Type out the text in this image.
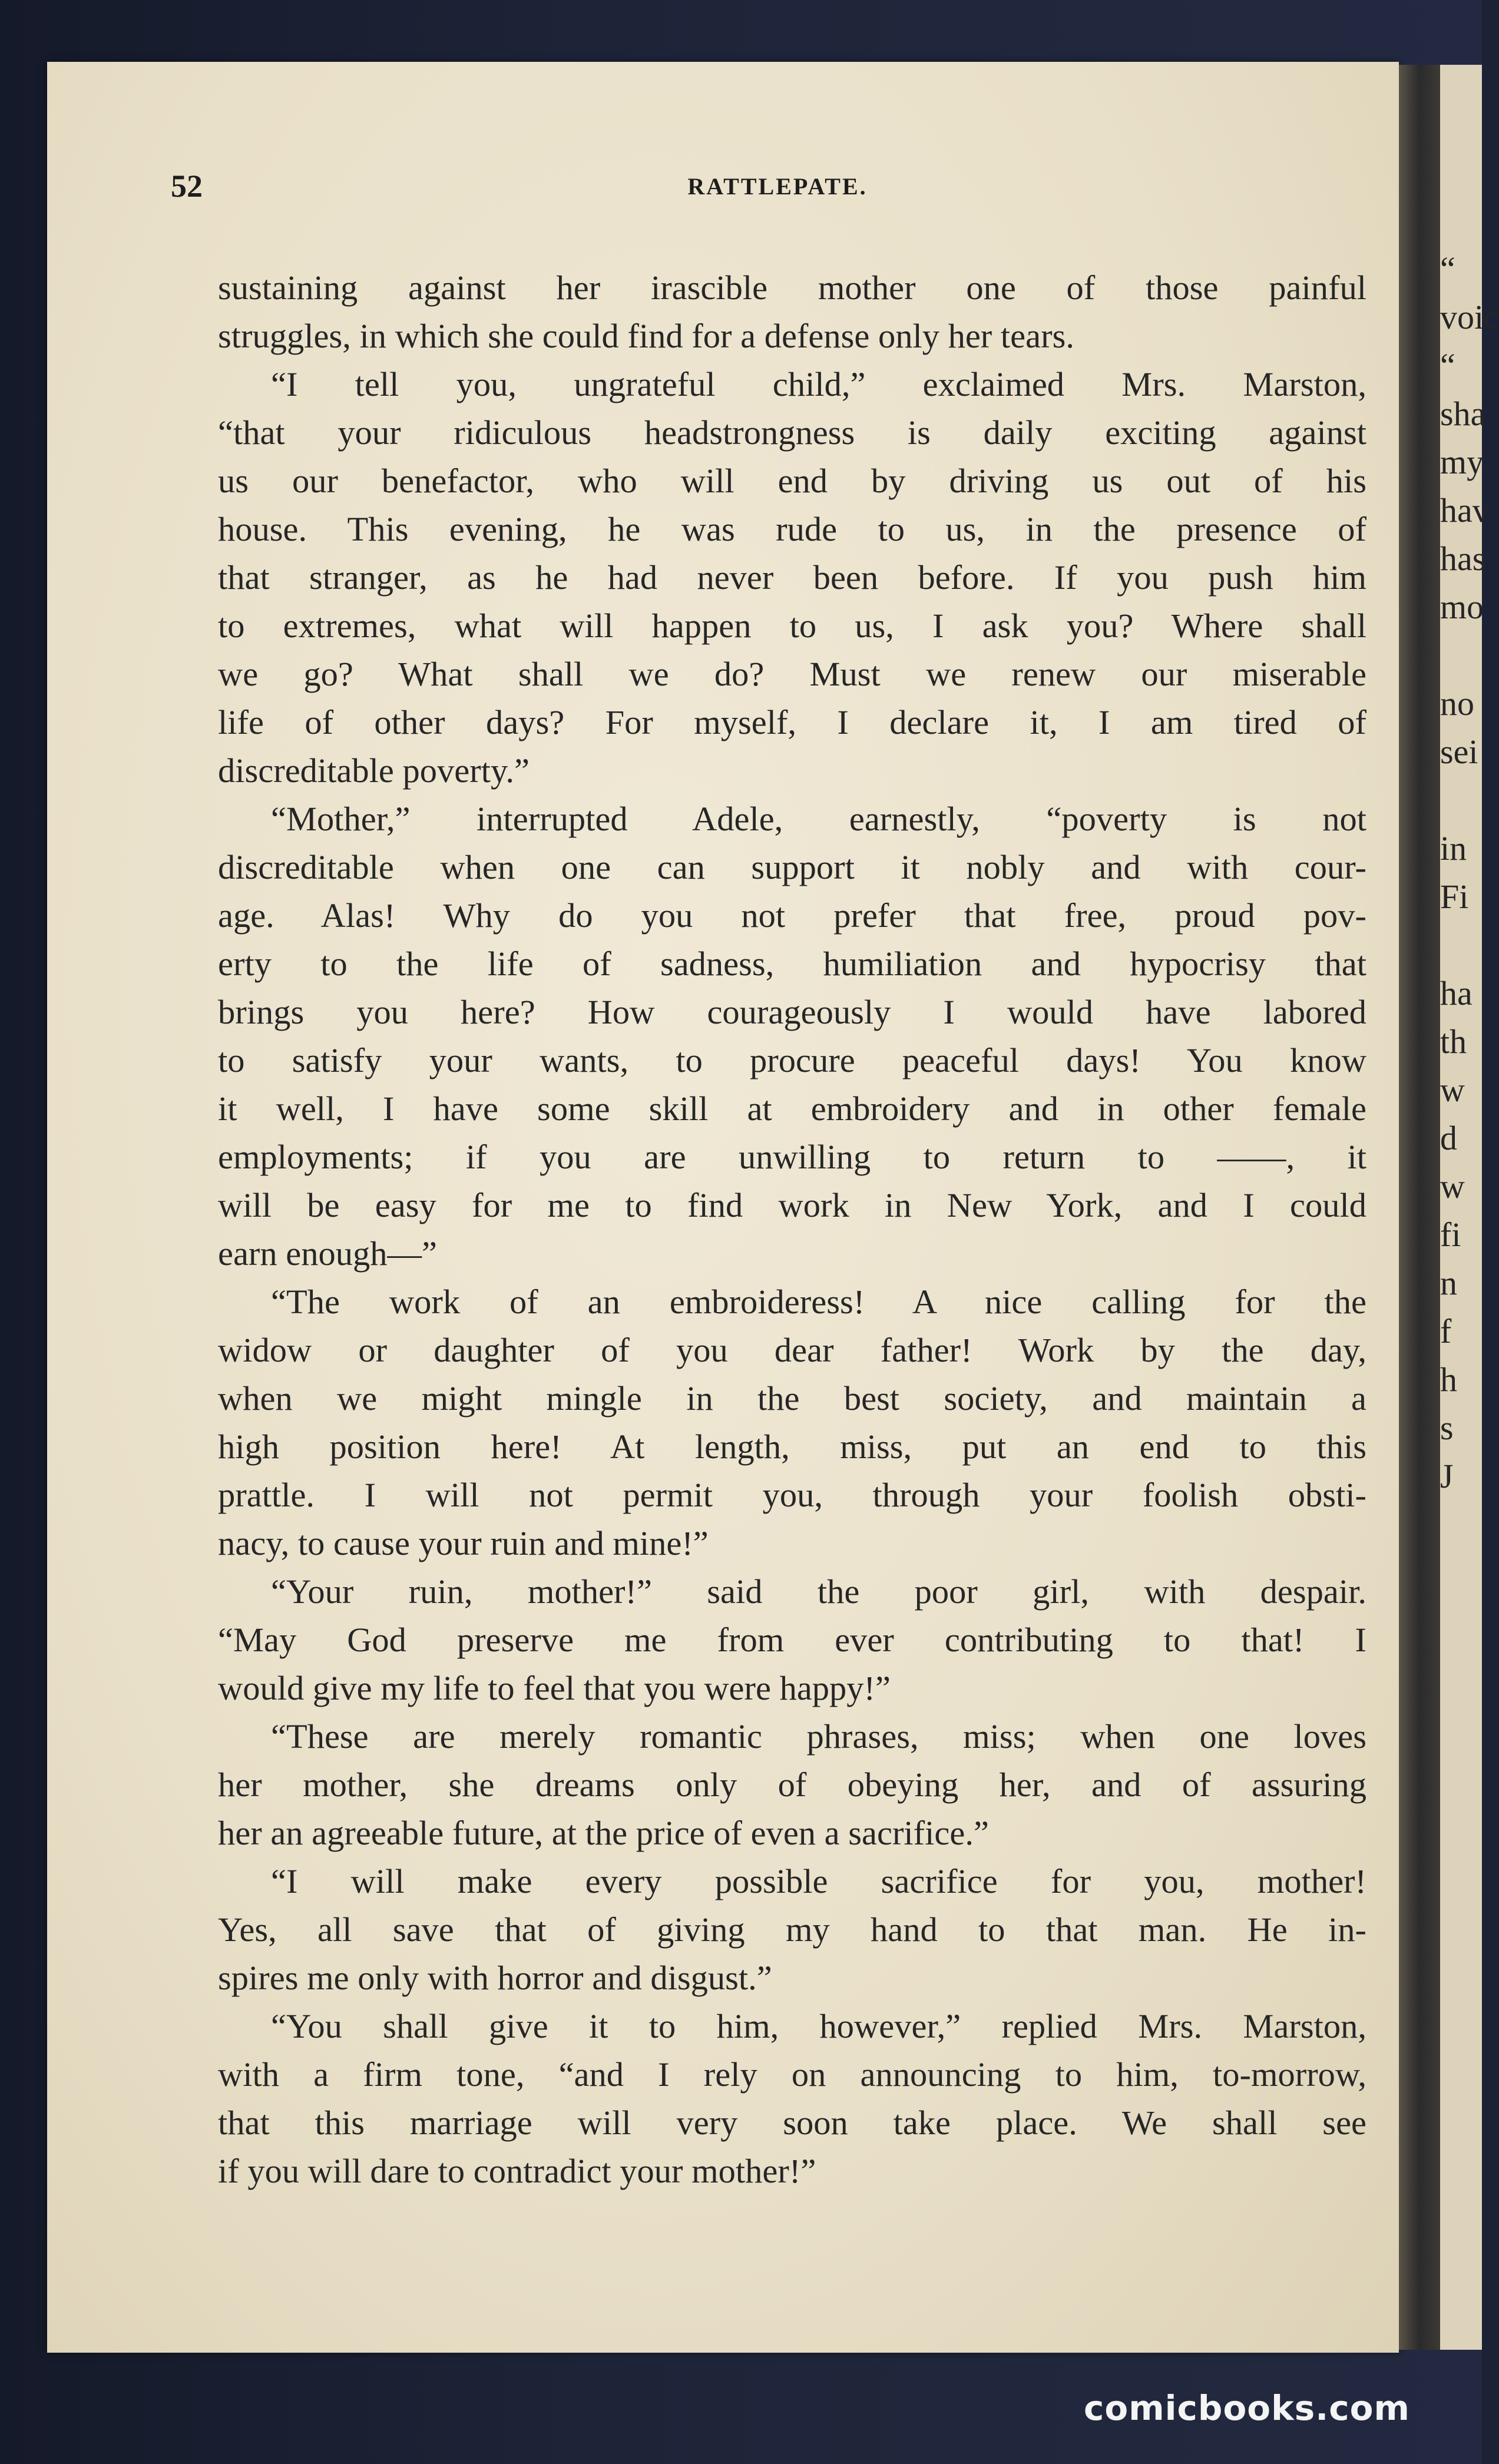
“
voic
“
sha
my
hav
has
mo
no
sei
in
Fi
ha
th
w
d
w
fi
n
f
h
s
J
52	RATTLEPATE.
sustaining against her irascible mother one of those painful
struggles, in which she could find for a defense only her tears.
“I tell you, ungrateful child,” exclaimed Mrs. Marston,
“that your ridiculous headstrongness is daily exciting against
us our benefactor, who will end by driving us out of his
house. This evening, he was rude to us, in the presence of
that stranger, as he had never been before. If you push him
to extremes, what will happen to us, I ask you? Where shall
we go? What shall we do? Must we renew our miserable
life of other days? For myself, I declare it, I am tired of
discreditable poverty.”
“Mother,” interrupted Adele, earnestly, “poverty is not
discreditable when one can support it nobly and with cour-
age. Alas! Why do you not prefer that free, proud pov-
erty to the life of sadness, humiliation and hypocrisy that
brings you here? How courageously I would have labored
to satisfy your wants, to procure peaceful days! You know
it well, I have some skill at embroidery and in other female
employments; if you are unwilling to return to ——, it
will be easy for me to find work in New York, and I could
earn enough—”
“The work of an embroideress! A nice calling for the
widow or daughter of you dear father! Work by the day,
when we might mingle in the best society, and maintain a
high position here! At length, miss, put an end to this
prattle. I will not permit you, through your foolish obsti-
nacy, to cause your ruin and mine!”
“Your ruin, mother!” said the poor girl, with despair.
“May God preserve me from ever contributing to that! I
would give my life to feel that you were happy!”
“These are merely romantic phrases, miss; when one loves
her mother, she dreams only of obeying her, and of assuring
her an agreeable future, at the price of even a sacrifice.”
“I will make every possible sacrifice for you, mother!
Yes, all save that of giving my hand to that man. He in-
spires me only with horror and disgust.”
“You shall give it to him, however,” replied Mrs. Marston,
with a firm tone, “and I rely on announcing to him, to-morrow,
that this marriage will very soon take place. We shall see
if you will dare to contradict your mother!”
comicbooks.com
